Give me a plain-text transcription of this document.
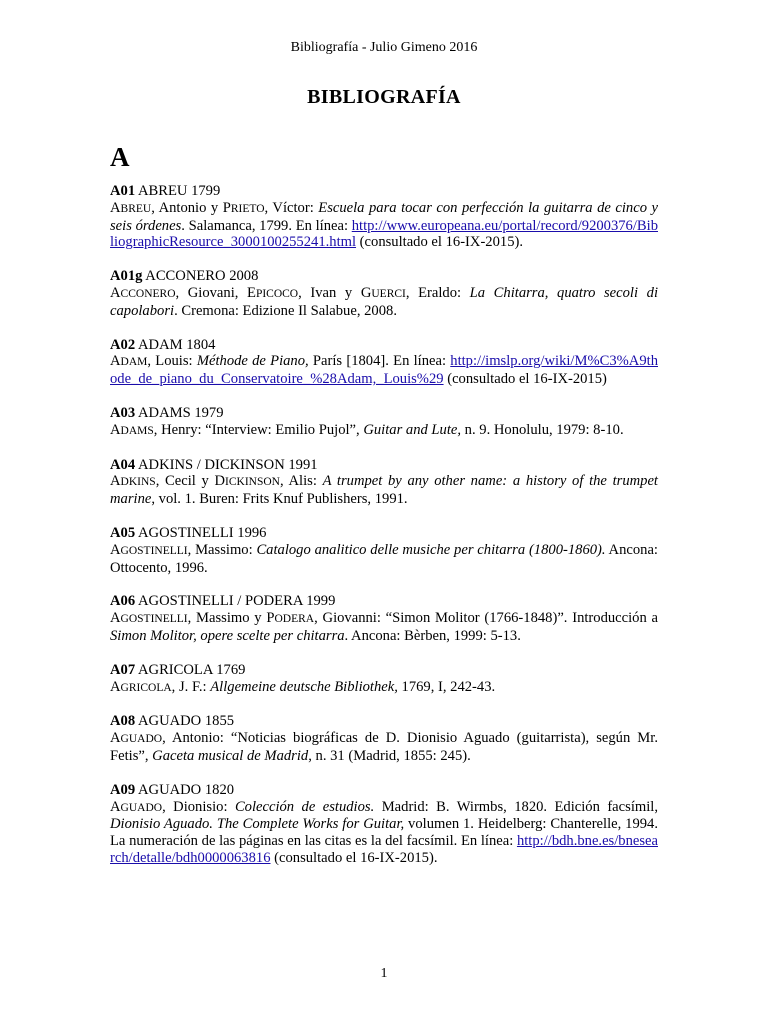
Bibliografía - Julio Gimeno 2016
BIBLIOGRAFÍA
A
A01 ABREU 1799
ABREU, Antonio y PRIETO, Víctor: Escuela para tocar con perfección la guitarra de cinco y seis órdenes. Salamanca, 1799. En línea: http://www.europeana.eu/portal/record/9200376/BibliographicResource_3000100255241.html (consultado el 16-IX-2015).
A01g ACCONERO 2008
ACCONERO, Giovani, EPICOCO, Ivan y GUERCI, Eraldo: La Chitarra, quatro secoli di capolabori. Cremona: Edizione Il Salabue, 2008.
A02 ADAM 1804
ADAM, Louis: Méthode de Piano, París [1804]. En línea: http://imslp.org/wiki/M%C3%A9thode_de_piano_du_Conservatoire_%28Adam,_Louis%29 (consultado el 16-IX-2015)
A03 ADAMS 1979
ADAMS, Henry: “Interview: Emilio Pujol”, Guitar and Lute, n. 9. Honolulu, 1979: 8-10.
A04 ADKINS / DICKINSON 1991
ADKINS, Cecil y DICKINSON, Alis: A trumpet by any other name: a history of the trumpet marine, vol. 1. Buren: Frits Knuf Publishers, 1991.
A05 AGOSTINELLI 1996
AGOSTINELLI, Massimo: Catalogo analitico delle musiche per chitarra (1800-1860). Ancona: Ottocento, 1996.
A06 AGOSTINELLI / PODERA 1999
AGOSTINELLI, Massimo y PODERA, Giovanni: “Simon Molitor (1766-1848)”. Introducción a Simon Molitor, opere scelte per chitarra. Ancona: Bèrben, 1999: 5-13.
A07 AGRICOLA 1769
AGRICOLA, J. F.: Allgemeine deutsche Bibliothek, 1769, I, 242-43.
A08 AGUADO 1855
AGUADO, Antonio: “Noticias biográficas de D. Dionisio Aguado (guitarrista), según Mr. Fetis”, Gaceta musical de Madrid, n. 31 (Madrid, 1855: 245).
A09 AGUADO 1820
AGUADO, Dionisio: Colección de estudios. Madrid: B. Wirmbs, 1820. Edición facsímil, Dionisio Aguado. The Complete Works for Guitar, volumen 1. Heidelberg: Chanterelle, 1994. La numeración de las páginas en las citas es la del facsímil. En línea: http://bdh.bne.es/bnesearch/detalle/bdh0000063816 (consultado el 16-IX-2015).
1
